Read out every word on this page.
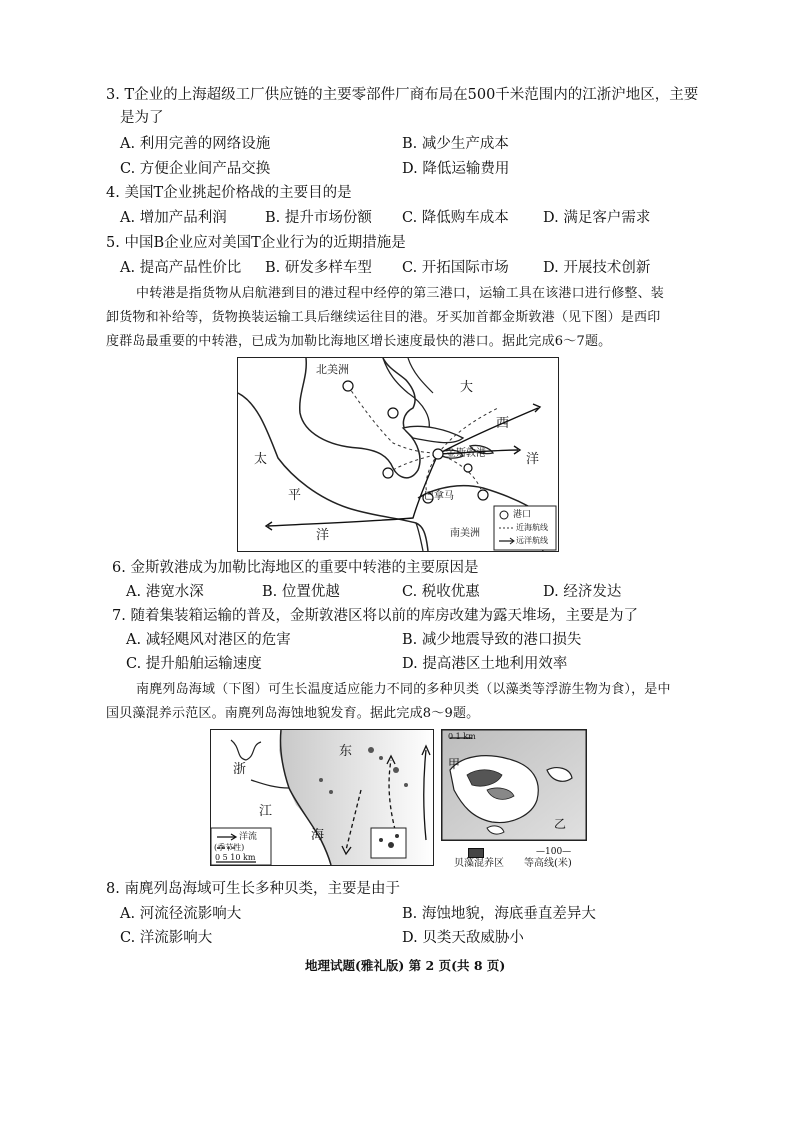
3. T企业的上海超级工厂供应链的主要零部件厂商布局在500千米范围内的江浙沪地区，主要
是为了
A. 利用完善的网络设施	B. 减少生产成本
C. 方便企业间产品交换	D. 降低运输费用
4. 美国T企业挑起价格战的主要目的是
A. 增加产品利润	B. 提升市场份额 C. 降低购车成本 D. 满足客户需求
5. 中国B企业应对美国T企业行为的近期措施是
A. 提高产品性价比 B. 研发多样车型 C. 开拓国际市场 D. 开展技术创新
中转港是指货物从启航港到目的港过程中经停的第三港口，运输工具在该港口进行修整、装
卸货物和补给等，货物换装运输工具后继续运往目的港。牙买加首都金斯敦港（见下图）是西印
度群岛最重要的中转港，已成为加勒比海地区增长速度最快的港口。据此完成6～7题。
北美洲
大
西
洋
太
平
洋
金斯敦港
巴拿马
南美洲
港口
近海航线
远洋航线
6. 金斯敦港成为加勒比海地区的重要中转港的主要原因是
A. 港宽水深	B. 位置优越	C. 税收优惠	D. 经济发达
7. 随着集装箱运输的普及，金斯敦港区将以前的库房改建为露天堆场，主要是为了
A. 减轻飓风对港区的危害	B. 减少地震导致的港口损失
C. 提升船舶运输速度	D. 提高港区土地利用效率
南麂列岛海域（下图）可生长温度适应能力不同的多种贝类（以藻类等浮游生物为食），是中
国贝藻混养示范区。南麂列岛海蚀地貌发育。据此完成8～9题。
浙
江
东
海
洋流
(季节性)
0 5 10 km
0 1 km
甲
乙
贝藻混养区
—100—
等高线(米)
8. 南麂列岛海域可生长多种贝类，主要是由于
A. 河流径流影响大	B. 海蚀地貌，海底垂直差异大
C. 洋流影响大	D. 贝类天敌威胁小
地理试题(雅礼版) 第 2 页(共 8 页)
